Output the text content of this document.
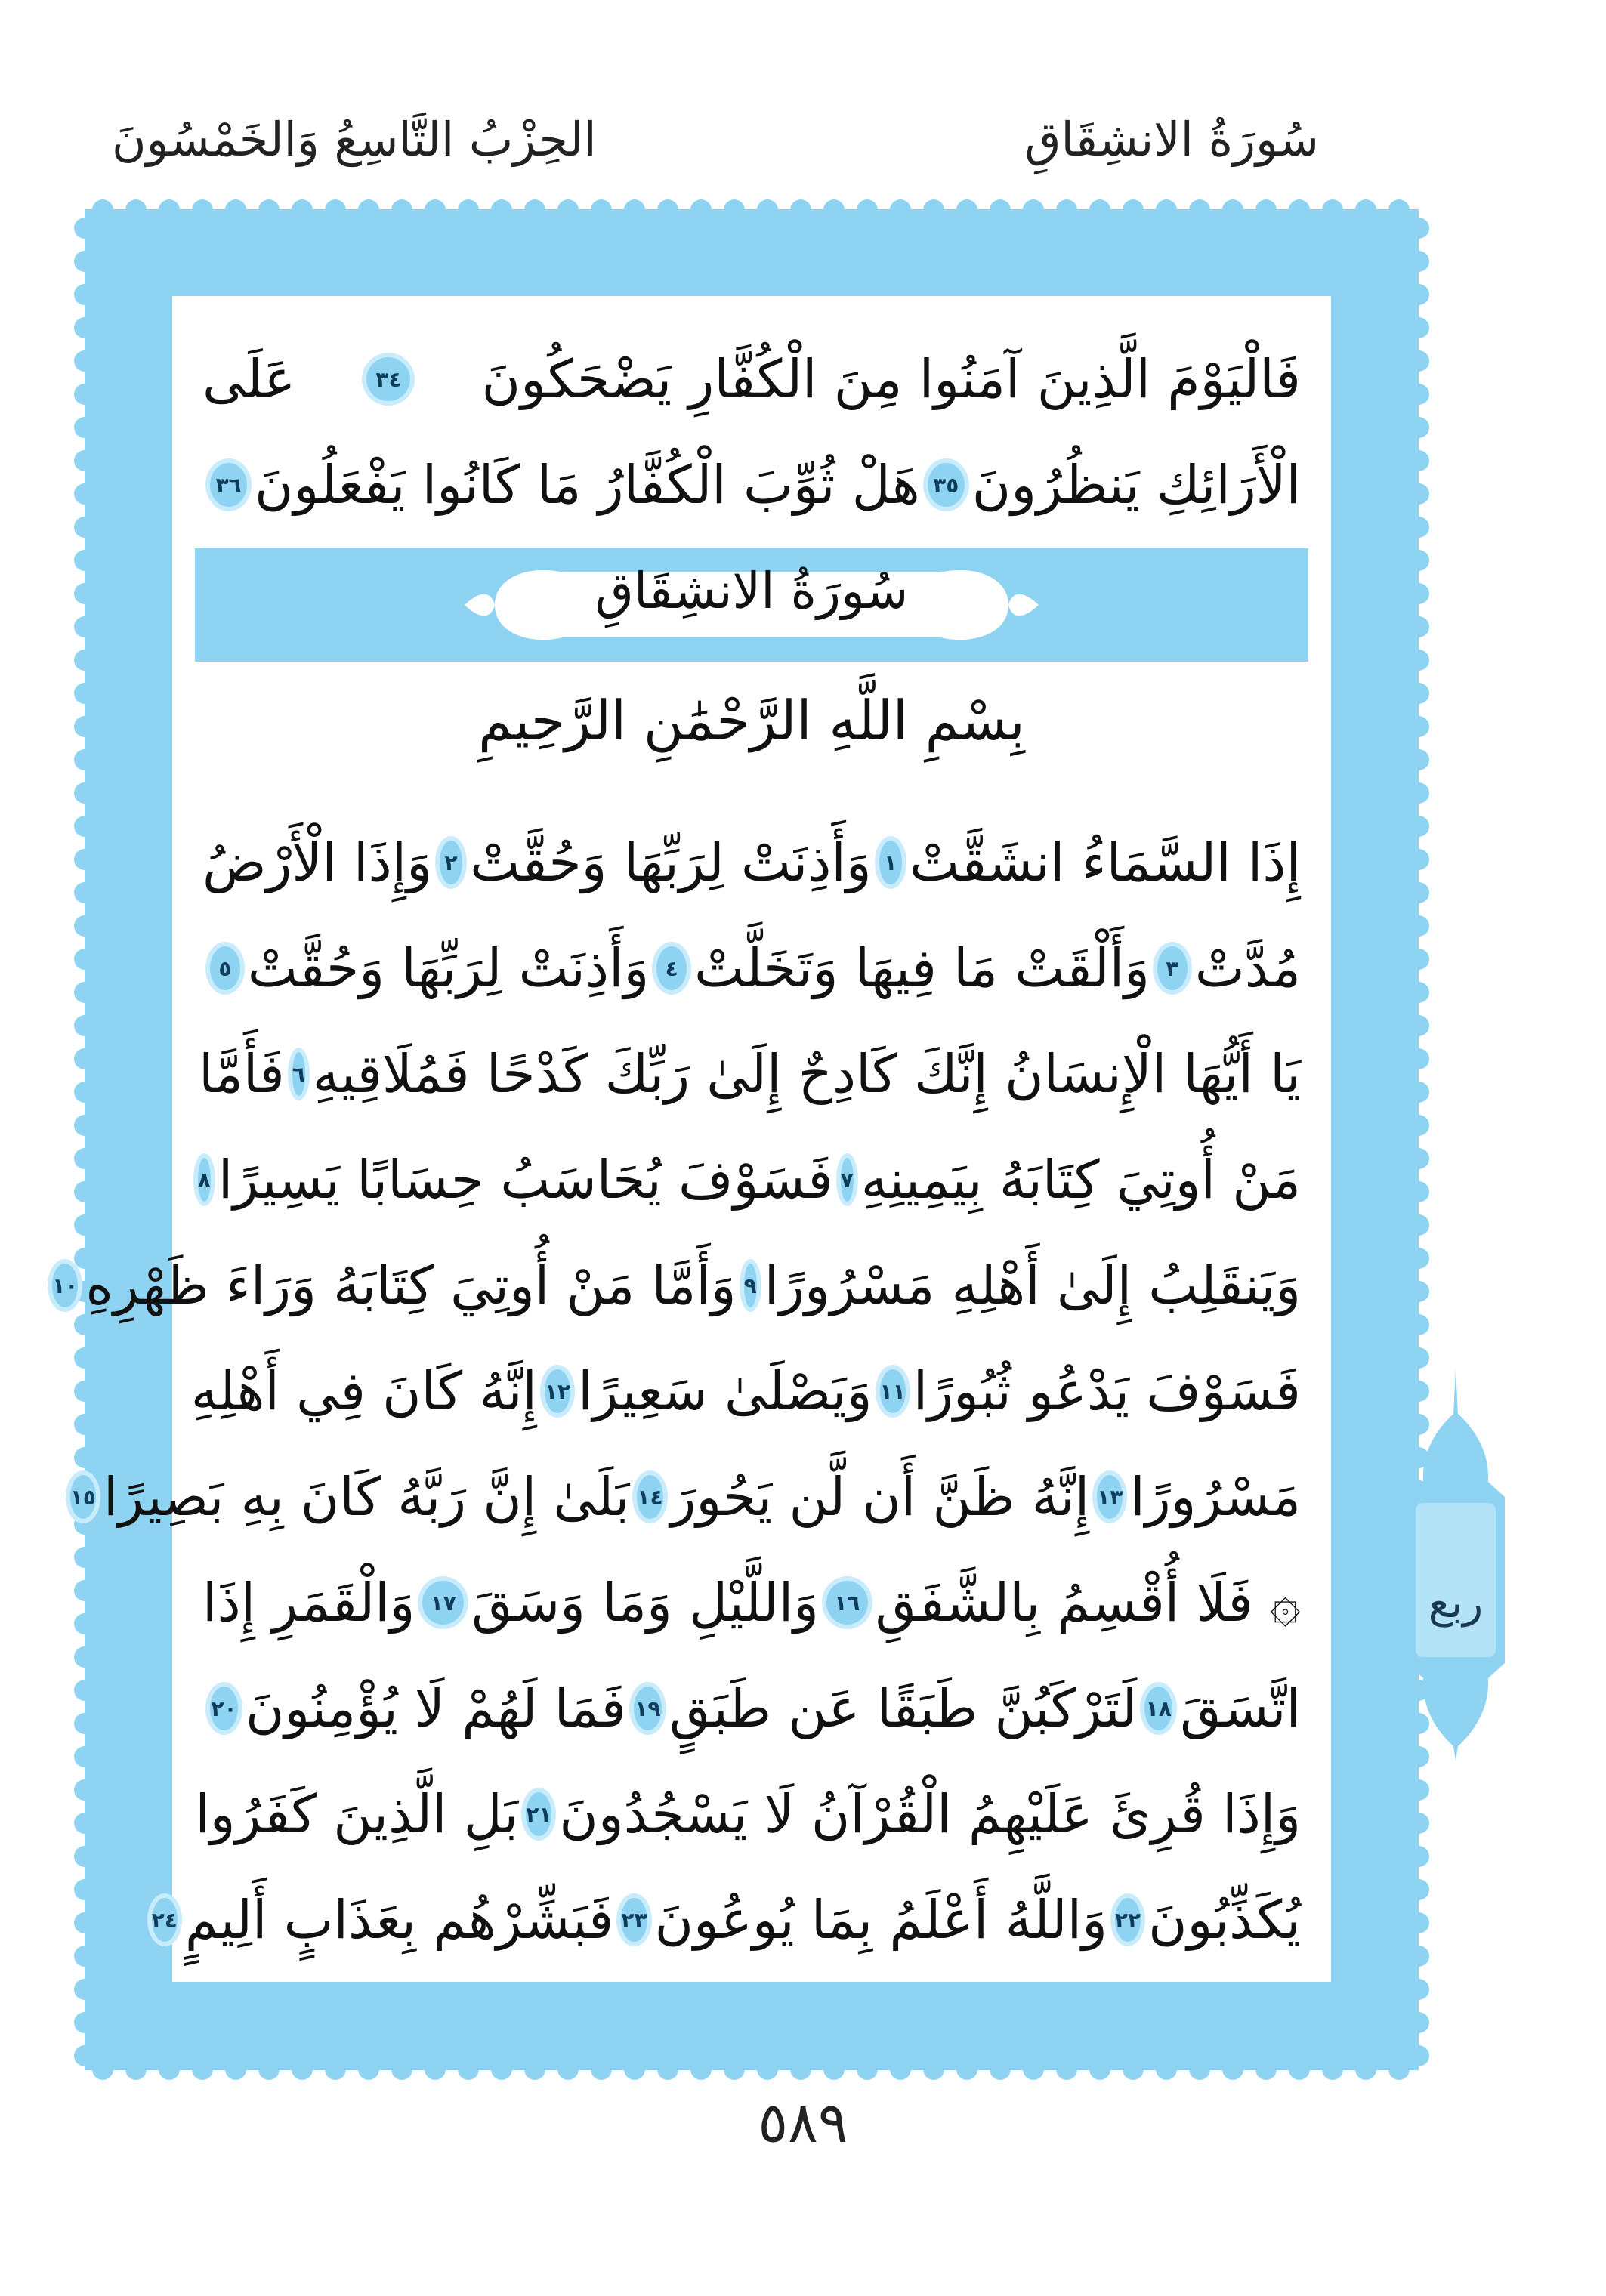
سُورَةُ الانشِقَاقِ
الحِزْبُ التَّاسِعُ وَالخَمْسُونَ
فَالْيَوْمَ الَّذِينَ آمَنُوا مِنَ الْكُفَّارِ يَضْحَكُونَ
٣٤
عَلَى
الْأَرَائِكِ يَنظُرُونَ
٣٥
هَلْ ثُوِّبَ الْكُفَّارُ مَا كَانُوا يَفْعَلُونَ
٣٦
سُورَةُ الانشِقَاقِ
بِسْمِ اللَّهِ الرَّحْمَٰنِ الرَّحِيمِ
إِذَا السَّمَاءُ انشَقَّتْ
١
وَأَذِنَتْ لِرَبِّهَا وَحُقَّتْ
٢
وَإِذَا الْأَرْضُ
مُدَّتْ
٣
وَأَلْقَتْ مَا فِيهَا وَتَخَلَّتْ
٤
وَأَذِنَتْ لِرَبِّهَا وَحُقَّتْ
٥
يَا أَيُّهَا الْإِنسَانُ إِنَّكَ كَادِحٌ إِلَىٰ رَبِّكَ كَدْحًا فَمُلَاقِيهِ
٦
فَأَمَّا
مَنْ أُوتِيَ كِتَابَهُ بِيَمِينِهِ
٧
فَسَوْفَ يُحَاسَبُ حِسَابًا يَسِيرًا
٨
وَيَنقَلِبُ إِلَىٰ أَهْلِهِ مَسْرُورًا
٩
وَأَمَّا مَنْ أُوتِيَ كِتَابَهُ وَرَاءَ ظَهْرِهِ
١٠
فَسَوْفَ يَدْعُو ثُبُورًا
١١
وَيَصْلَىٰ سَعِيرًا
١٢
إِنَّهُ كَانَ فِي أَهْلِهِ
مَسْرُورًا
١٣
إِنَّهُ ظَنَّ أَن لَّن يَحُورَ
١٤
بَلَىٰ إِنَّ رَبَّهُ كَانَ بِهِ بَصِيرًا
١٥
۞ فَلَا أُقْسِمُ بِالشَّفَقِ
١٦
وَاللَّيْلِ وَمَا وَسَقَ
١٧
وَالْقَمَرِ إِذَا
اتَّسَقَ
١٨
لَتَرْكَبُنَّ طَبَقًا عَن طَبَقٍ
١٩
فَمَا لَهُمْ لَا يُؤْمِنُونَ
٢٠
وَإِذَا قُرِئَ عَلَيْهِمُ الْقُرْآنُ لَا يَسْجُدُونَ
٢١
بَلِ الَّذِينَ كَفَرُوا
يُكَذِّبُونَ
٢٢
وَاللَّهُ أَعْلَمُ بِمَا يُوعُونَ
٢٣
فَبَشِّرْهُم بِعَذَابٍ أَلِيمٍ
٢٤
ربع
٥٨٩
